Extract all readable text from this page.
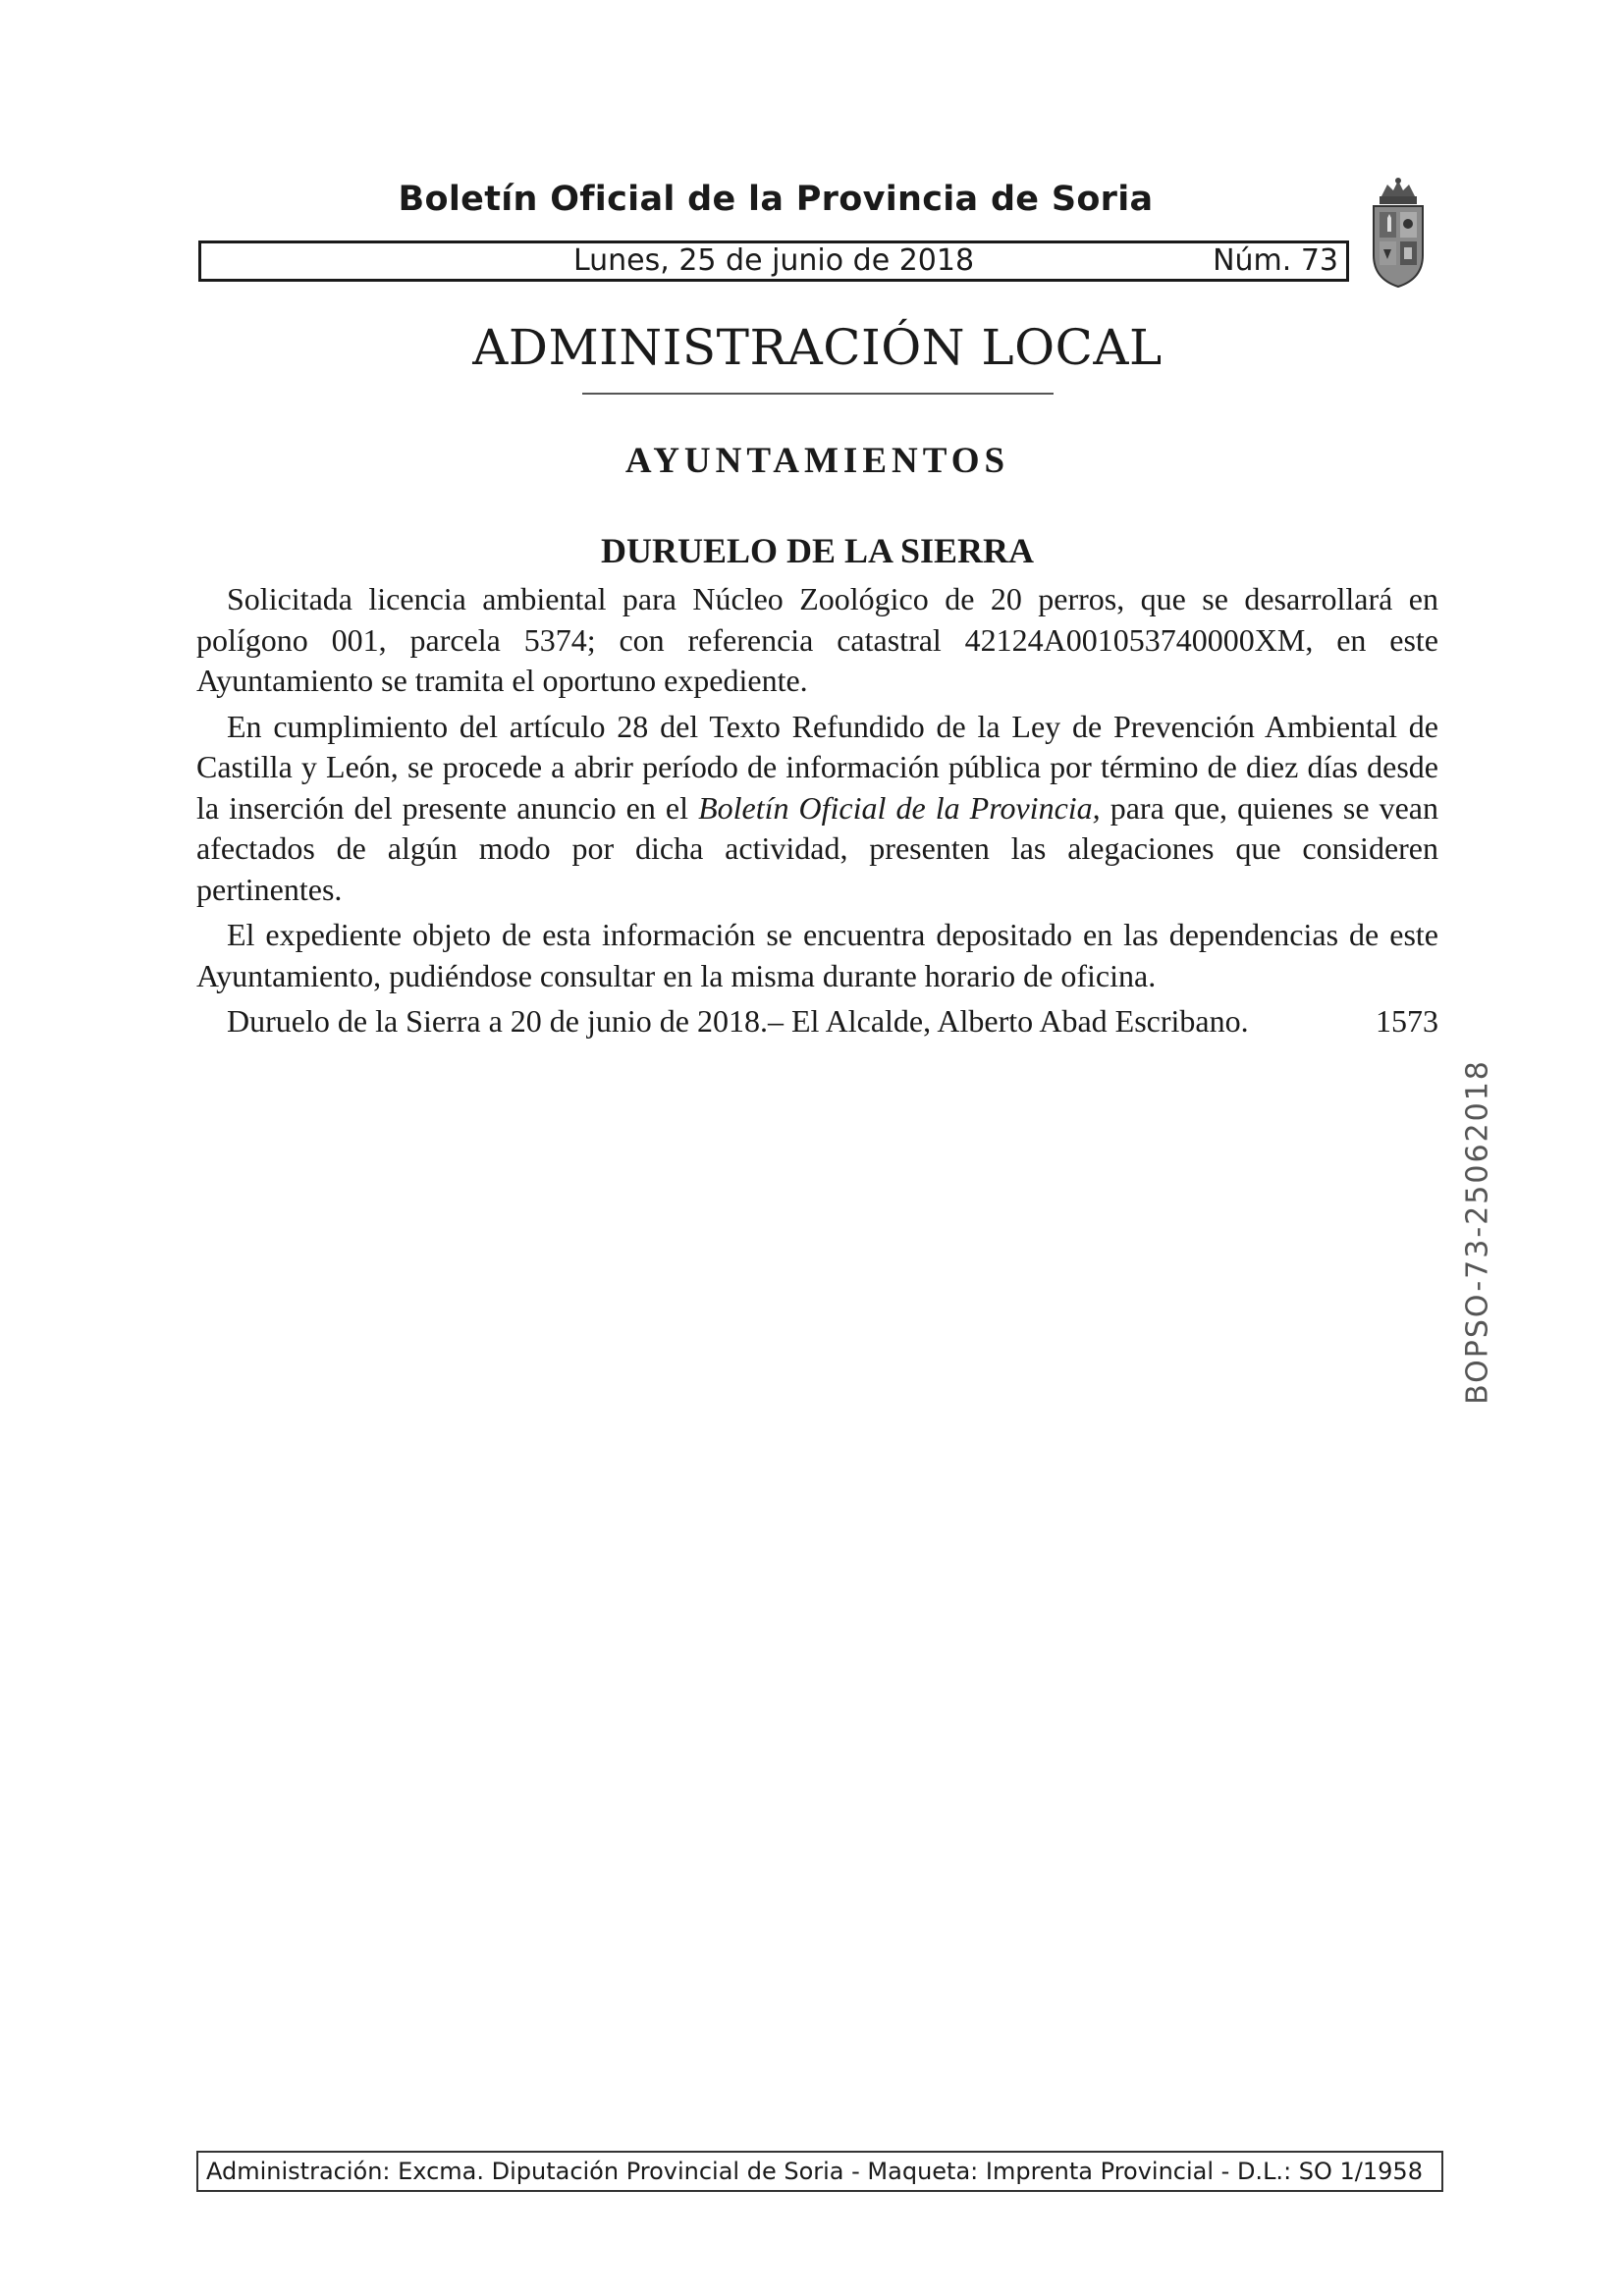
Boletín Oficial de la Provincia de Soria
Lunes, 25 de junio de 2018	Núm. 73
ADMINISTRACIÓN LOCAL
AYUNTAMIENTOS
DURUELO DE LA SIERRA

Solicitada licencia ambiental para Núcleo Zoológico de 20 perros, que se desarrollará en polígono 001, parcela 5374; con referencia catastral 42124A001053740000XM, en este Ayuntamiento se tramita el oportuno expediente.

En cumplimiento del artículo 28 del Texto Refundido de la Ley de Prevención Ambiental de Castilla y León, se procede a abrir período de información pública por término de diez días desde la inserción del presente anuncio en el Boletín Oficial de la Provincia, para que, quienes se vean afectados de algún modo por dicha actividad, presenten las alegaciones que consideren pertinentes.

El expediente objeto de esta información se encuentra depositado en las dependencias de este Ayuntamiento, pudiéndose consultar en la misma durante horario de oficina.

Duruelo de la Sierra a 20 de junio de 2018.– El Alcalde, Alberto Abad Escribano.	1573

BOPSO-73-25062018
Administración: Excma. Diputación Provincial de Soria - Maqueta: Imprenta Provincial - D.L.: SO 1/1958
